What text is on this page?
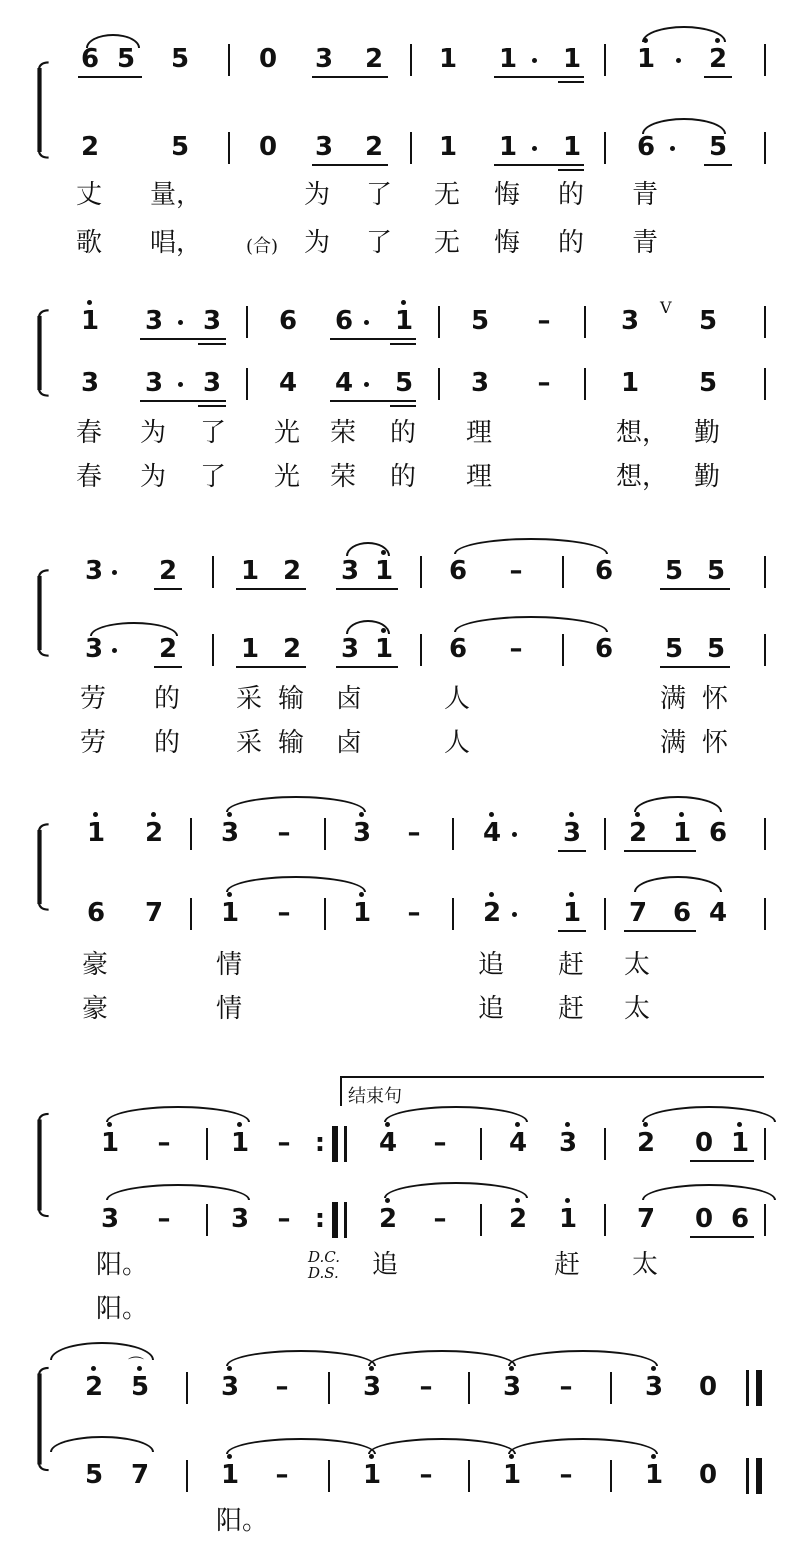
6 5 5	0 3 2 1 1 1 1 2
2	5	0 3 2 1 1 1 6 5
丈 量，	为 了 无 悔 的 青
歌 唱， (合) 为 了 无 悔 的 青
1 3 3 6 6 1 5 –	3	V 5
3 3 3 4 4 5 3 –	1 5
春 为 了 光 荣 的 理	想， 勤
春 为 了 光 荣 的 理	想， 勤
3 2 1 2 3 1 6 –	6 5 5
3 2 1 2 3 1 6 –	6 5 5
劳 的 采 输 卤	人	满 怀
劳 的 采 输 卤	人	满 怀
1 2 3 – 3 – 4 3 2 1 6
6 7 1 – 1 – 2 1 7 6 4
豪	情	追 赶 太
豪	情	追 赶 太
结束句
1 – 1 – :	4 – 4 3 2 0 1
3 – 3 – :	2 – 2 1 7 0 6
阳。	D.C.
D.S. 追	赶 太
阳。
2 5
⌒
3 –	3 –	3 –	3 0
5 7	1 –	1 –	1 –	1 0
阳。
